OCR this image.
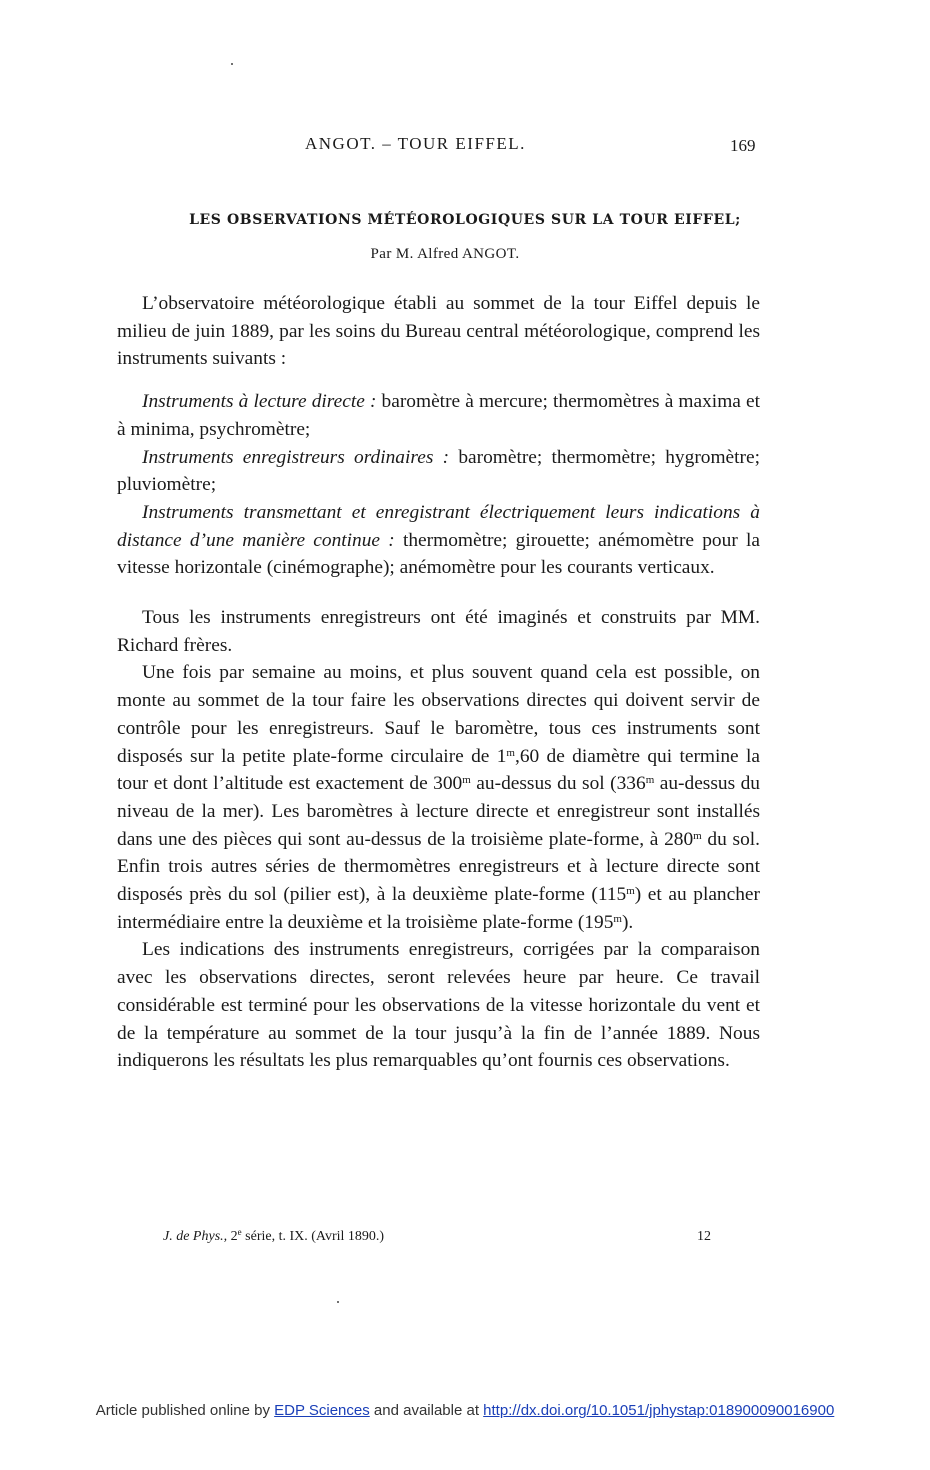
ANGOT. – TOUR EIFFEL.	169
LES OBSERVATIONS MÉTÉOROLOGIQUES SUR LA TOUR EIFFEL;
Par M. Alfred ANGOT.

L’observatoire météorologique établi au sommet de la tour Eiffel depuis le milieu de juin 1889, par les soins du Bureau central météorologique, comprend les instruments suivants :

Instruments à lecture directe : baromètre à mercure; thermomètres à maxima et à minima, psychromètre;

Instruments enregistreurs ordinaires : baromètre; thermomètre; hygromètre; pluviomètre;

Instruments transmettant et enregistrant électriquement leurs indications à distance d’une manière continue : thermomètre; girouette; anémomètre pour la vitesse horizontale (cinémographe); anémomètre pour les courants verticaux.

Tous les instruments enregistreurs ont été imaginés et construits par MM. Richard frères.

Une fois par semaine au moins, et plus souvent quand cela est possible, on monte au sommet de la tour faire les observations directes qui doivent servir de contrôle pour les enregistreurs. Sauf le baromètre, tous ces instruments sont disposés sur la petite plate-forme circulaire de 1$^m$,60 de diamètre qui termine la tour et dont l’altitude est exactement de 300$^m$ au-dessus du sol (336$^m$ au-dessus du niveau de la mer). Les baromètres à lecture directe et enregistreur sont installés dans une des pièces qui sont au-dessus de la troisième plate-forme, à 280$^m$ du sol. Enfin trois autres séries de thermomètres enregistreurs et à lecture directe sont disposés près du sol (pilier est), à la deuxième plate-forme (115$^m$) et au plancher intermédiaire entre la deuxième et la troisième plate-forme (195$^m$).

Les indications des instruments enregistreurs, corrigées par la comparaison avec les observations directes, seront relevées heure par heure. Ce travail considérable est terminé pour les observations de la vitesse horizontale du vent et de la température au sommet de la tour jusqu’à la fin de l’année 1889. Nous indiquerons les résultats les plus remarquables qu’ont fournis ces observations.

J. de Phys., 2e série, t. IX. (Avril 1890.)	12
Article published online by EDP Sciences and available at http://dx.doi.org/10.1051/jphystap:018900090016900
